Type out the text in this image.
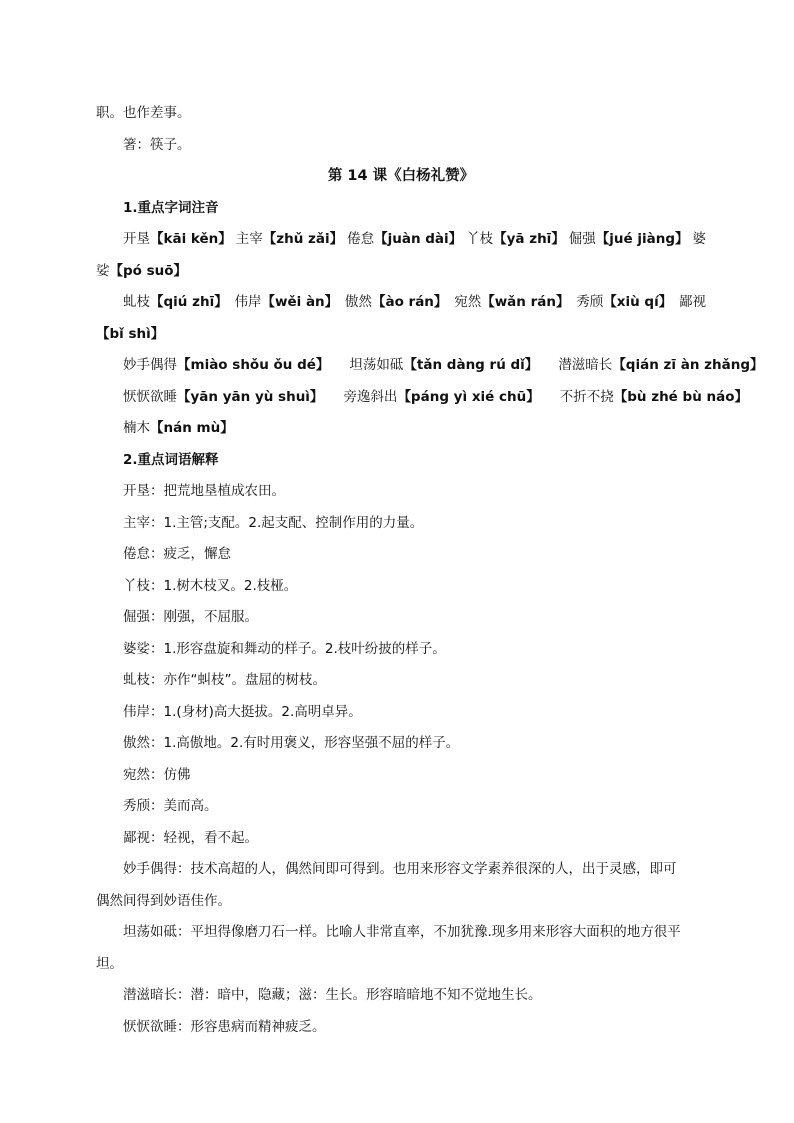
职。也作差事。
箸：筷子。
第 14 课《白杨礼赞》
1.重点字词注音
开垦【kāi kěn】 主宰【zhǔ zǎi】 倦怠【juàn dài】 丫枝【yā zhī】 倔强【jué jiàng】 婆
娑【pó suō】
虬枝【qiú zhī】 伟岸【wěi àn】 傲然【ào rán】 宛然【wǎn rán】 秀颀【xiù qí】 鄙视
【bǐ shì】
妙手偶得【miào shǒu ǒu dé】 坦荡如砥【tǎn dàng rú dǐ】 潜滋暗长【qián zī àn zhǎng】
恹恹欲睡【yān yān yù shuì】 旁逸斜出【páng yì xié chū】 不折不挠【bù zhé bù náo】
楠木【nán mù】
2.重点词语解释
开垦：把荒地垦植成农田。
主宰：1.主管;支配。2.起支配、控制作用的力量。
倦怠：疲乏，懈怠
丫枝：1.树木枝叉。2.枝桠。
倔强：刚强，不屈服。
婆娑：1.形容盘旋和舞动的样子。2.枝叶纷披的样子。
虬枝：亦作“虯枝”。盘屈的树枝。
伟岸：1.(身材)高大挺拔。2.高明卓异。
傲然：1.高傲地。2.有时用褒义，形容坚强不屈的样子。
宛然：仿佛
秀颀：美而高。
鄙视：轻视，看不起。
妙手偶得：技术高超的人，偶然间即可得到。也用来形容文学素养很深的人，出于灵感，即可
偶然间得到妙语佳作。
坦荡如砥：平坦得像磨刀石一样。比喻人非常直率，不加犹豫.现多用来形容大面积的地方很平
坦。
潜滋暗长：潜：暗中，隐藏；滋：生长。形容暗暗地不知不觉地生长。
恹恹欲睡：形容患病而精神疲乏。
